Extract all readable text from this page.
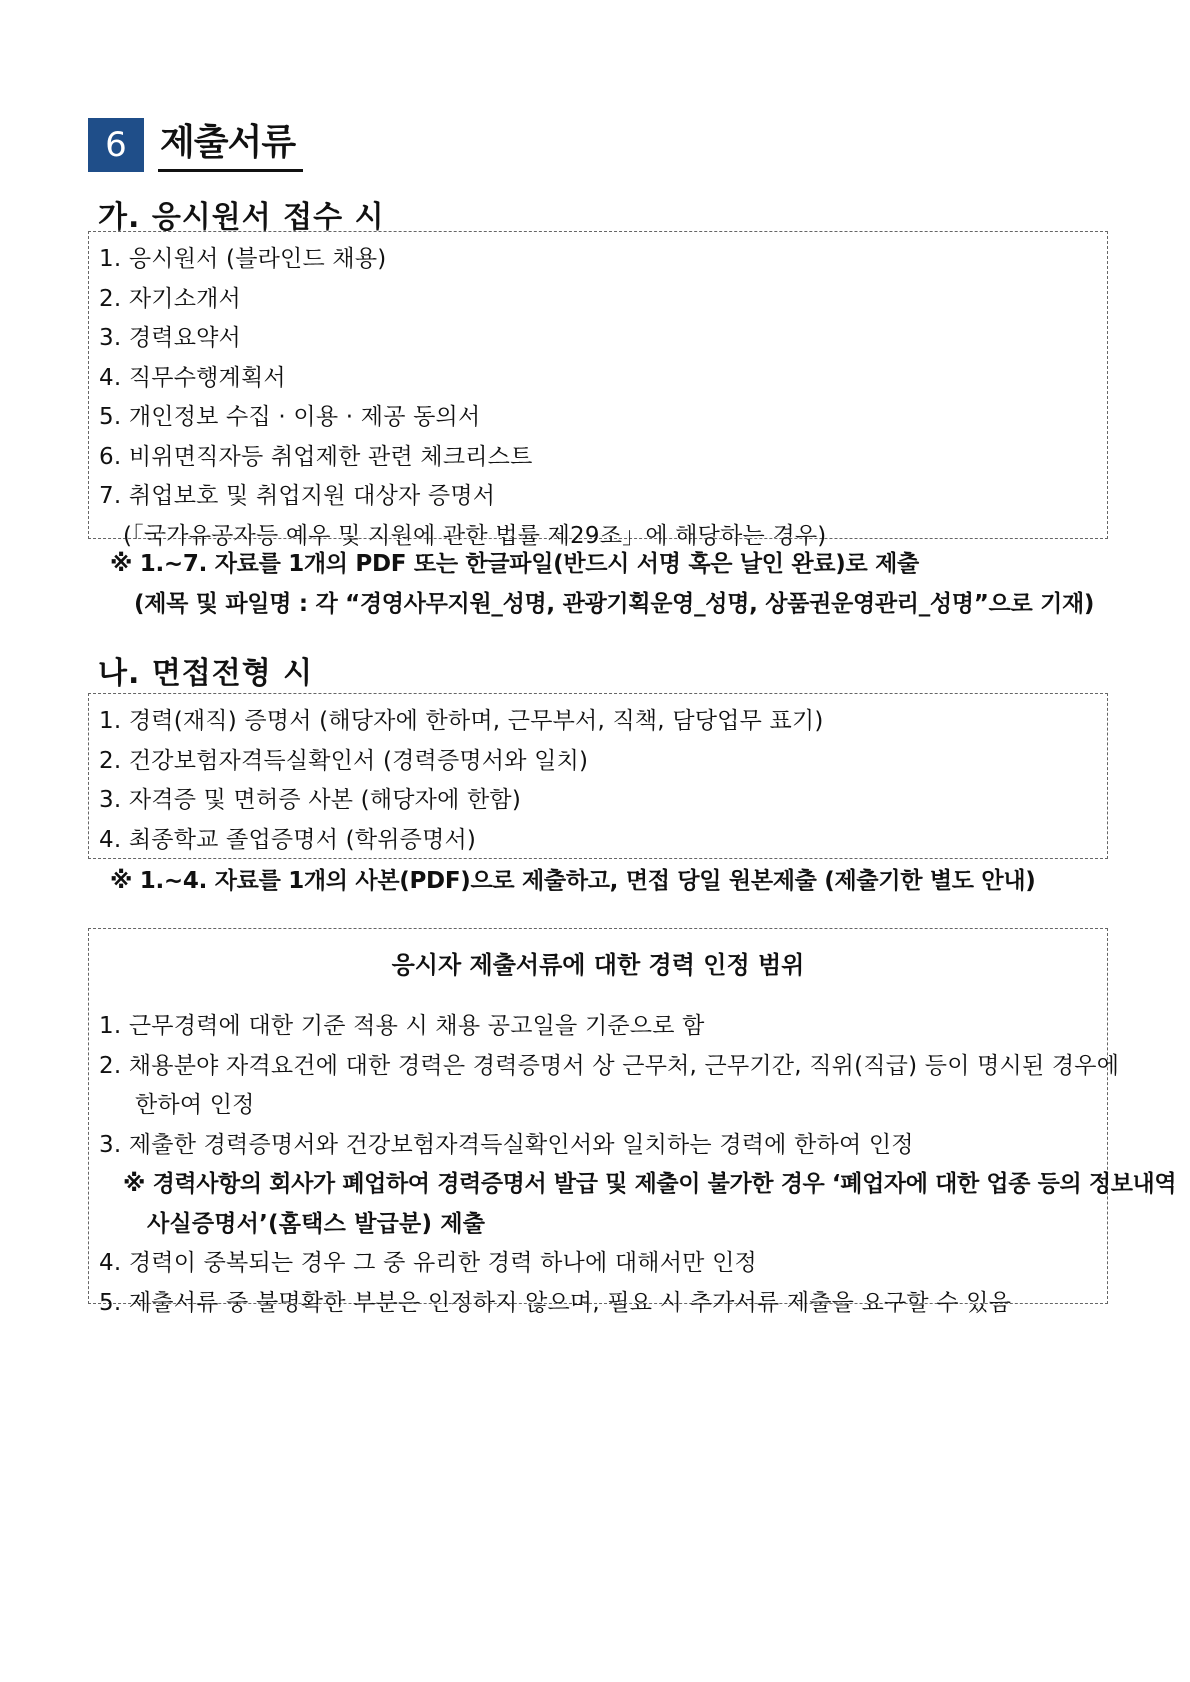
6 제출서류
가. 응시원서 접수 시
1. 응시원서 (블라인드 채용)
2. 자기소개서
3. 경력요약서
4. 직무수행계획서
5. 개인정보 수집 · 이용 · 제공 동의서
6. 비위면직자등 취업제한 관련 체크리스트
7. 취업보호 및 취업지원 대상자 증명서
(「국가유공자등 예우 및 지원에 관한 법률 제29조」에 해당하는 경우)
※ 1.~7. 자료를 1개의 PDF 또는 한글파일(반드시 서명 혹은 날인 완료)로 제출
(제목 및 파일명 : 각 “경영사무지원_성명, 관광기획운영_성명, 상품권운영관리_성명”으로 기재)
나. 면접전형 시
1. 경력(재직) 증명서 (해당자에 한하며, 근무부서, 직책, 담당업무 표기)
2. 건강보험자격득실확인서 (경력증명서와 일치)
3. 자격증 및 면허증 사본 (해당자에 한함)
4. 최종학교 졸업증명서 (학위증명서)
※ 1.~4. 자료를 1개의 사본(PDF)으로 제출하고, 면접 당일 원본제출 (제출기한 별도 안내)
응시자 제출서류에 대한 경력 인정 범위
1. 근무경력에 대한 기준 적용 시 채용 공고일을 기준으로 함
2. 채용분야 자격요건에 대한 경력은 경력증명서 상 근무처, 근무기간, 직위(직급) 등이 명시된 경우에
한하여 인정
3. 제출한 경력증명서와 건강보험자격득실확인서와 일치하는 경력에 한하여 인정
※ 경력사항의 회사가 폐업하여 경력증명서 발급 및 제출이 불가한 경우 ‘폐업자에 대한 업종 등의 정보내역
사실증명서’(홈택스 발급분) 제출
4. 경력이 중복되는 경우 그 중 유리한 경력 하나에 대해서만 인정
5. 제출서류 중 불명확한 부분은 인정하지 않으며, 필요 시 추가서류 제출을 요구할 수 있음
